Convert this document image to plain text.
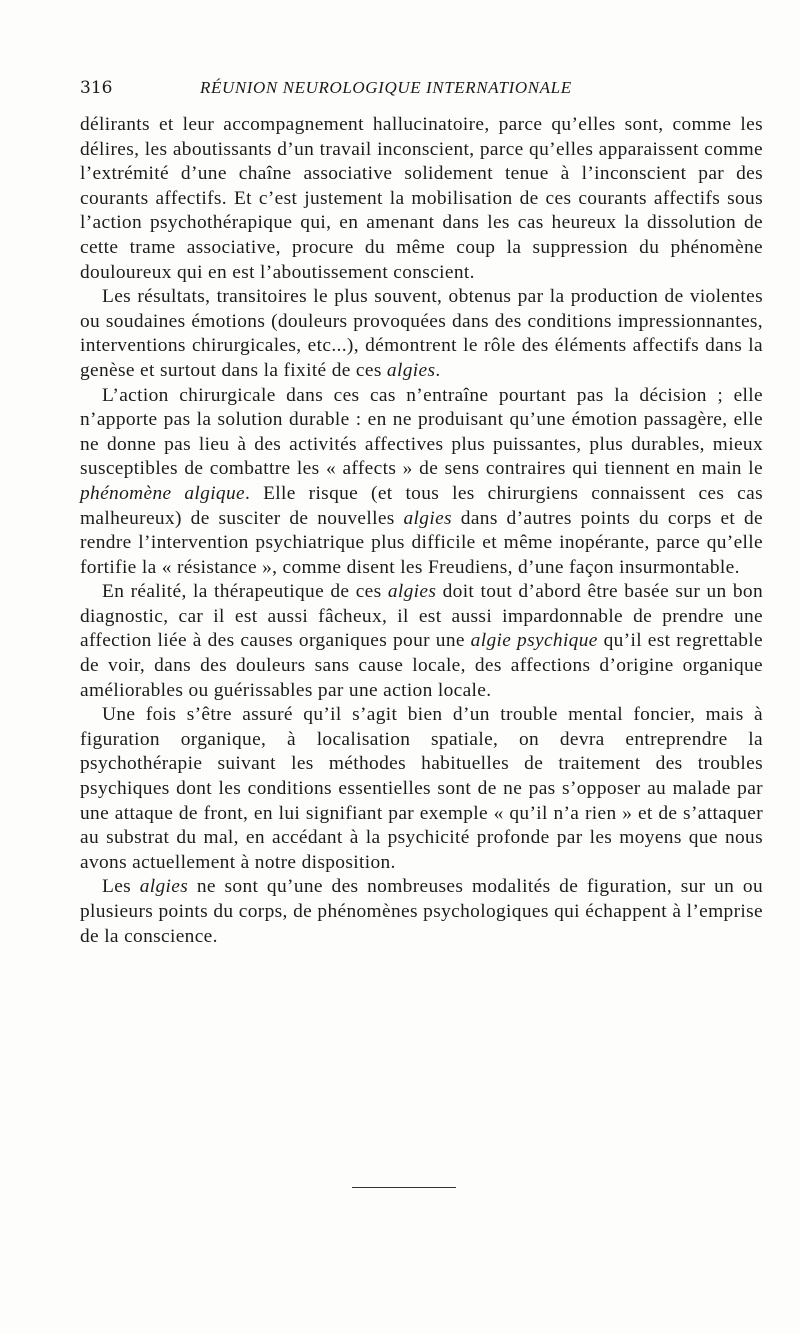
316	RÉUNION NEUROLOGIQUE INTERNATIONALE

délirants et leur accompagnement hallucinatoire, parce qu’elles sont, comme les délires, les aboutissants d’un travail inconscient, parce qu’elles apparaissent comme l’extrémité d’une chaîne associative solidement tenue à l’inconscient par des courants affectifs. Et c’est justement la mobilisation de ces courants affectifs sous l’action psychothérapique qui, en amenant dans les cas heureux la dissolution de cette trame associative, procure du même coup la suppression du phénomène douloureux qui en est l’aboutissement conscient.

Les résultats, transitoires le plus souvent, obtenus par la production de violentes ou soudaines émotions (douleurs provoquées dans des conditions impressionnantes, interventions chirurgicales, etc...), démontrent le rôle des éléments affectifs dans la genèse et surtout dans la fixité de ces algies.

L’action chirurgicale dans ces cas n’entraîne pourtant pas la décision ; elle n’apporte pas la solution durable : en ne produisant qu’une émotion passagère, elle ne donne pas lieu à des activités affectives plus puissantes, plus durables, mieux susceptibles de combattre les « affects » de sens contraires qui tiennent en main le phénomène algique. Elle risque (et tous les chirurgiens connaissent ces cas malheureux) de susciter de nouvelles algies dans d’autres points du corps et de rendre l’intervention psychiatrique plus difficile et même inopérante, parce qu’elle fortifie la « résistance », comme disent les Freudiens, d’une façon insurmontable.

En réalité, la thérapeutique de ces algies doit tout d’abord être basée sur un bon diagnostic, car il est aussi fâcheux, il est aussi impardonnable de prendre une affection liée à des causes organiques pour une algie psychique qu’il est regrettable de voir, dans des douleurs sans cause locale, des affections d’origine organique améliorables ou guérissables par une action locale.

Une fois s’être assuré qu’il s’agit bien d’un trouble mental foncier, mais à figuration organique, à localisation spatiale, on devra entreprendre la psychothérapie suivant les méthodes habituelles de traitement des troubles psychiques dont les conditions essentielles sont de ne pas s’opposer au malade par une attaque de front, en lui signifiant par exemple « qu’il n’a rien » et de s’attaquer au substrat du mal, en accédant à la psychicité profonde par les moyens que nous avons actuellement à notre disposition.

Les algies ne sont qu’une des nombreuses modalités de figuration, sur un ou plusieurs points du corps, de phénomènes psychologiques qui échappent à l’emprise de la conscience.
